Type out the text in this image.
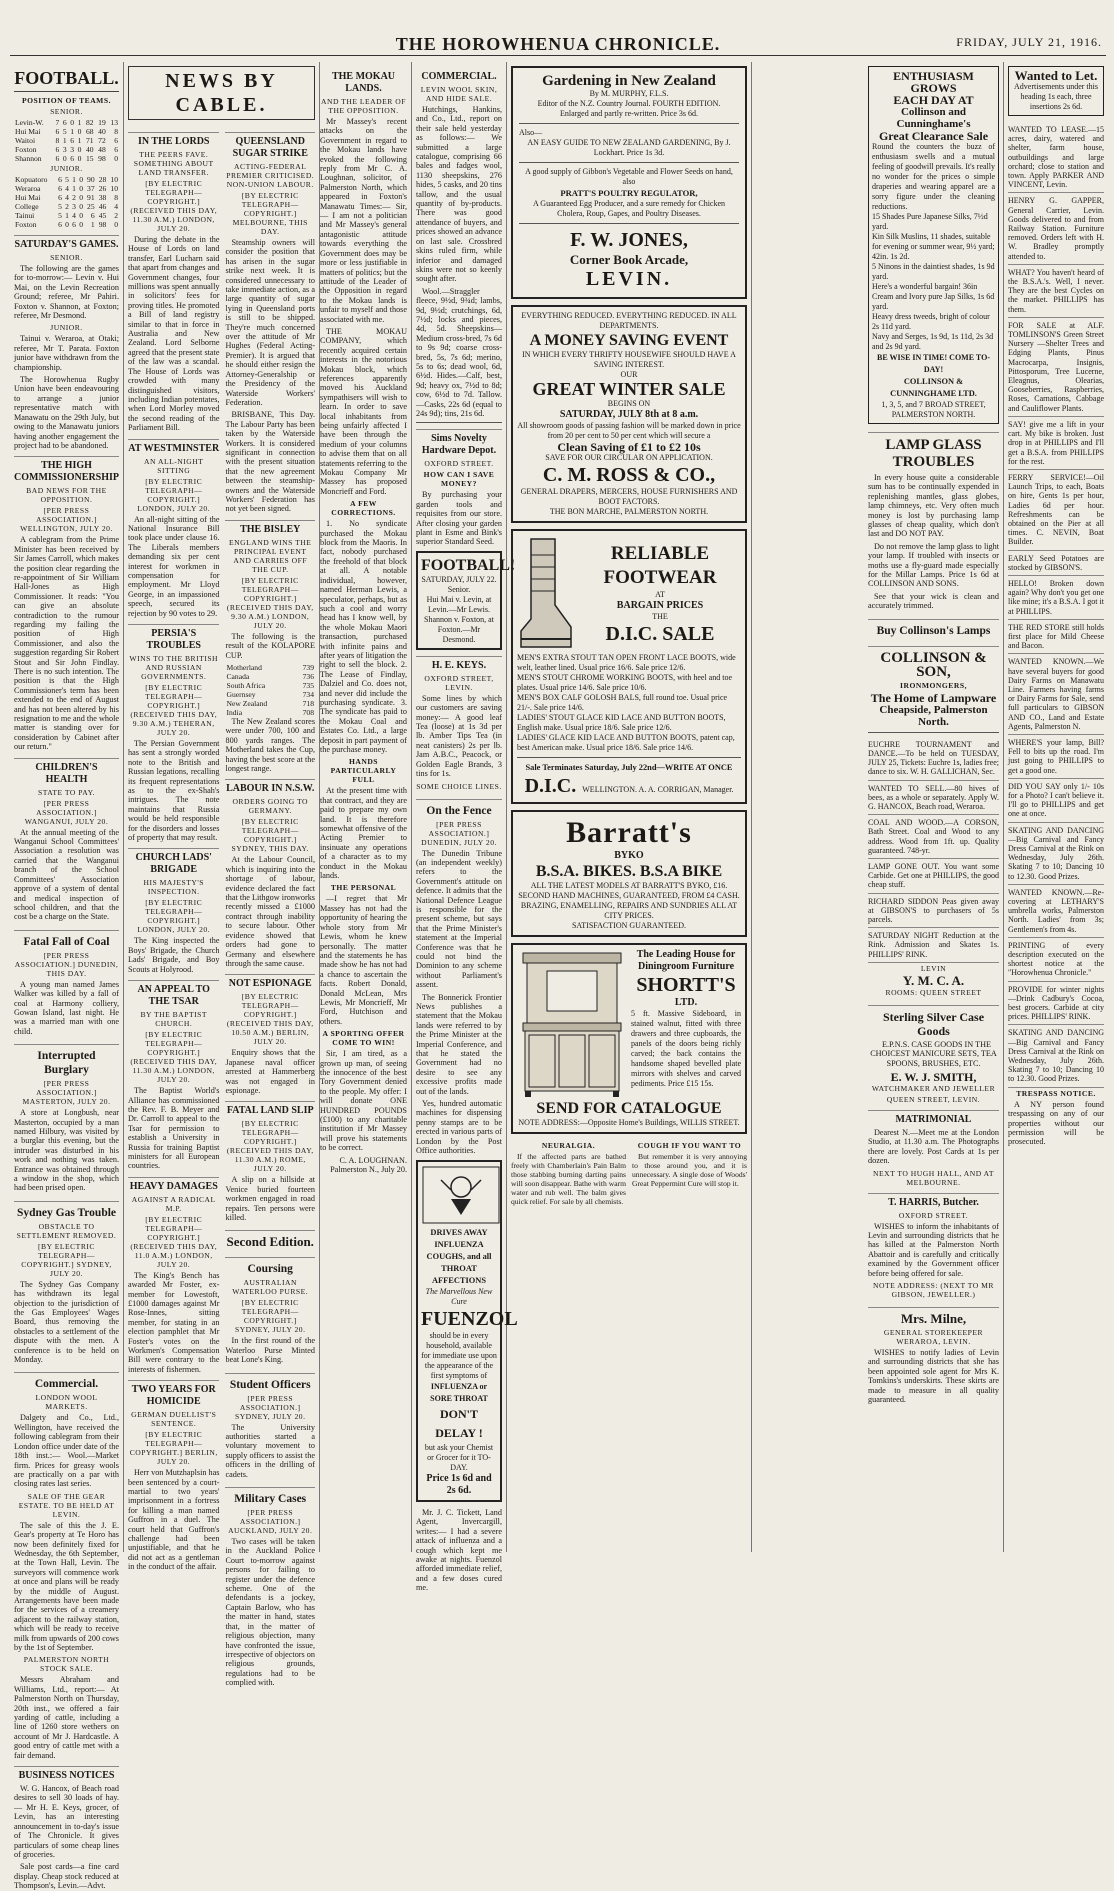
THE HOROWHENUA CHRONICLE.	FRIDAY, JULY 21, 1916.
FOOTBALL.
POSITION OF TEAMS.
SENIOR.
Levin-W.	7	6	0	1	82	19	13
Hui Mai	6	5	1	0	68	40	8
Waitoi	8	1	6	1	71	72	6
Foxton	6	3	3	0	40	48	6
Shannon	6	0	6	0	15	98	0
JUNIOR.
Kopuatoro	6	5	1	0	90	28	10
Weraroa	6	4	1	0	37	26	10
Hui Mai	6	4	2	0	91	38	8
College	5	2	3	0	25	46	4
Tainui	5	1	4	0	6	45	2
Foxton	6	0	6	0	1	98	0
SATURDAY'S GAMES.
SENIOR.

The following are the games for to-morrow:— Levin v. Hui Mai, on the Levin Recreation Ground; referee, Mr Pahiri. Foxton v. Shannon, at Foxton; referee, Mr Desmond.

JUNIOR.

Tainui v. Weraroa, at Otaki; referee, Mr T. Parata. Foxton junior have withdrawn from the championship.

The Horowhenua Rugby Union have been endeavouring to arrange a junior representative match with Manawatu on the 29th July, but owing to the Manawatu juniors having another engagement the project had to be abandoned.

THE HIGH COMMISSIONERSHIP
BAD NEWS FOR THE OPPOSITION.
[PER PRESS ASSOCIATION.] WELLINGTON, JULY 20.

A cablegram from the Prime Minister has been received by Sir James Carroll, which makes the position clear regarding the re-appointment of Sir William Hall-Jones as High Commissioner. It reads: "You can give an absolute contradiction to the rumour regarding my failing the position of High Commissioner, and also the suggestion regarding Sir Robert Stout and Sir John Findlay. There is no such intention. The position is that the High Commissioner's term has been extended to the end of August and has not been altered by his resignation to me and the whole matter is standing over for consideration by Cabinet after our return."

CHILDREN'S HEALTH
STATE TO PAY.
[PER PRESS ASSOCIATION.] WANGANUI, JULY 20.

At the annual meeting of the Wanganui School Committees' Association a resolution was carried that the Wanganui branch of the School Committees' Association approve of a system of dental and medical inspection of school children, and that the cost be a charge on the State.

Fatal Fall of Coal
[PER PRESS ASSOCIATION.] DUNEDIN, THIS DAY.

A young man named James Walker was killed by a fall of coal at Harmony colliery, Gowan Island, last night. He was a married man with one child.

Interrupted Burglary
[PER PRESS ASSOCIATION.] MASTERTON, JULY 20.

A store at Longbush, near Masterton, occupied by a man named Hilbury, was visited by a burglar this evening, but the intruder was disturbed in his work and nothing was taken. Entrance was obtained through a window in the shop, which had been prised open.

Sydney Gas Trouble
OBSTACLE TO SETTLEMENT REMOVED.
[BY ELECTRIC TELEGRAPH—COPYRIGHT.] SYDNEY, JULY 20.

The Sydney Gas Company has withdrawn its legal objection to the jurisdiction of the Gas Employees' Wages Board, thus removing the obstacles to a settlement of the dispute with the men. A conference is to be held on Monday.

Commercial.
LONDON WOOL MARKETS.

Dalgety and Co., Ltd., Wellington, have received the following cablegram from their London office under date of the 18th inst.:— Wool.—Market firm. Prices for greasy wools are practically on a par with closing rates last series.

SALE OF THE GEAR ESTATE. TO BE HELD AT LEVIN.

The sale of this the J. E. Gear's property at Te Horo has now been definitely fixed for Wednesday, the 6th September, at the Town Hall, Levin. The surveyors will commence work at once and plans will be ready by the middle of August. Arrangements have been made for the services of a creamery adjacent to the railway station, which will be ready to receive milk from upwards of 200 cows by the 1st of September.

PALMERSTON NORTH STOCK SALE.

Messrs Abraham and Williams, Ltd., report:— At Palmerston North on Thursday, 20th inst., we offered a fair yarding of cattle, including a line of 1260 store wethers on account of Mr J. Hardcastle. A good entry of cattle met with a fair demand.

BUSINESS NOTICES

W. G. Hancox, of Beach road desires to sell 30 loads of hay.— Mr H. E. Keys, grocer, of Levin, has an interesting announcement in to-day's issue of The Chronicle. It gives particulars of some cheap lines of groceries.

Sale post cards—a fine card display. Cheap stock reduced at Thompson's, Levin.—Advt.

NEWS BY CABLE.
IN THE LORDS
THE PEERS FAVE. SOMETHING ABOUT LAND TRANSFER.
[BY ELECTRIC TELEGRAPH—COPYRIGHT.] (RECEIVED THIS DAY, 11.30 A.M.) LONDON, JULY 20.

During the debate in the House of Lords on land transfer, Earl Lucharn said that apart from changes and Government changes, four millions was spent annually in solicitors' fees for proving titles. He promoted a Bill of land registry similar to that in force in Australia and New Zealand. Lord Selborne agreed that the present state of the law was a scandal. The House of Lords was crowded with many distinguished visitors, including Indian potentates, when Lord Morley moved the second reading of the Parliament Bill.

AT WESTMINSTER
AN ALL-NIGHT SITTING
[BY ELECTRIC TELEGRAPH—COPYRIGHT.] LONDON, JULY 20.

An all-night sitting of the National Insurance Bill took place under clause 16. The Liberals members demanding six per cent interest for workmen in compensation for employment. Mr Lloyd George, in an impassioned speech, secured its rejection by 90 votes to 29.

PERSIA'S TROUBLES
WINS TO THE BRITISH AND RUSSIAN GOVERNMENTS.
[BY ELECTRIC TELEGRAPH—COPYRIGHT.] (RECEIVED THIS DAY, 9.30 A.M.) TEHERAN, JULY 20.

The Persian Government has sent a strongly worded note to the British and Russian legations, recalling its frequent representations as to the ex-Shah's intrigues. The note maintains that Russia would be held responsible for the disorders and losses of property that may result.

CHURCH LADS' BRIGADE
HIS MAJESTY'S INSPECTION.
[BY ELECTRIC TELEGRAPH—COPYRIGHT.] LONDON, JULY 20.

The King inspected the Boys' Brigade, the Church Lads' Brigade, and Boy Scouts at Holyrood.

AN APPEAL TO THE TSAR
BY THE BAPTIST CHURCH.
[BY ELECTRIC TELEGRAPH—COPYRIGHT.] (RECEIVED THIS DAY, 11.30 A.M.) LONDON, JULY 20.

The Baptist World's Alliance has commissioned the Rev. F. B. Meyer and Dr. Carroll to appeal to the Tsar for permission to establish a University in Russia for training Baptist ministers for all European countries.

HEAVY DAMAGES
AGAINST A RADICAL M.P.
[BY ELECTRIC TELEGRAPH—COPYRIGHT.] (RECEIVED THIS DAY, 11.0 A.M.) LONDON, JULY 20.

The King's Bench has awarded Mr Foster, ex-member for Lowestoft, £1000 damages against Mr Rose-Innes, sitting member, for stating in an election pamphlet that Mr Foster's votes on the Workmen's Compensation Bill were contrary to the interests of fishermen.

TWO YEARS FOR HOMICIDE
GERMAN DUELLIST'S SENTENCE.
[BY ELECTRIC TELEGRAPH—COPYRIGHT.] BERLIN, JULY 20.

Herr von Mutzhaplsin has been sentenced by a court-martial to two years' imprisonment in a fortress for killing a man named Guffron in a duel. The court held that Guffron's challenge had been unjustifiable, and that he did not act as a gentleman in the conduct of the affair.

QUEENSLAND SUGAR STRIKE
ACTING-FEDERAL PREMIER CRITICISED. NON-UNION LABOUR.
[BY ELECTRIC TELEGRAPH—COPYRIGHT.] MELBOURNE, THIS DAY.

Steamship owners will consider the position that has arisen in the sugar strike next week. It is considered unnecessary to take immediate action, as a large quantity of sugar lying in Queensland ports is still to be shipped. They're much concerned over the attitude of Mr Hughes (Federal Acting-Premier). It is argued that he should either resign the Attorney-Generalship or the Presidency of the Waterside Workers' Federation.

BRISBANE, This Day. The Labour Party has been taken by the Waterside Workers. It is considered significant in connection with the present situation that the new agreement between the steamship-owners and the Waterside Workers' Federation has not yet been signed.

THE BISLEY
ENGLAND WINS THE PRINCIPAL EVENT AND CARRIES OFF THE CUP.
[BY ELECTRIC TELEGRAPH—COPYRIGHT.] (RECEIVED THIS DAY, 9.30 A.M.) LONDON, JULY 20.

The following is the result of the KOLAPORE CUP.

Motherland	739
Canada	736
South Africa	735
Guernsey	734
New Zealand	718
India	708

The New Zealand scores were under 700, 100 and 800 yards ranges. The Motherland takes the Cup, having the best score at the longest range.

LABOUR IN N.S.W.
ORDERS GOING TO GERMANY.
[BY ELECTRIC TELEGRAPH—COPYRIGHT.] SYDNEY, THIS DAY.

At the Labour Council, which is inquiring into the shortage of labour, evidence declared the fact that the Lithgow ironworks recently missed a £1000 contract through inability to secure labour. Other evidence showed that orders had gone to Germany and elsewhere through the same cause.

NOT ESPIONAGE
[BY ELECTRIC TELEGRAPH—COPYRIGHT.] (RECEIVED THIS DAY, 10.50 A.M.) BERLIN, JULY 20.

Enquiry shows that the Japanese naval officer arrested at Hammerberg was not engaged in espionage.

FATAL LAND SLIP
[BY ELECTRIC TELEGRAPH—COPYRIGHT.] (RECEIVED THIS DAY, 11.30 A.M.) ROME, JULY 20.

A slip on a hillside at Venice buried fourteen workmen engaged in road repairs. Ten persons were killed.

Second Edition.
Coursing
AUSTRALIAN WATERLOO PURSE.
[BY ELECTRIC TELEGRAPH—COPYRIGHT.] SYDNEY, JULY 20.

In the first round of the Waterloo Purse Minted beat Lone's King.

Student Officers
[PER PRESS ASSOCIATION.] SYDNEY, JULY 20.

The University authorities started a voluntary movement to supply officers to assist the officers in the drilling of cadets.

Military Cases
[PER PRESS ASSOCIATION.] AUCKLAND, JULY 20.

Two cases will be taken in the Auckland Police Court to-morrow against persons for failing to register under the defence scheme. One of the defendants is a jockey, Captain Barlow, who has the matter in hand, states that, in the matter of religious objection, many have confronted the issue, irrespective of objectors on religious grounds, regulations had to be complied with.

THE MOKAU LANDS.
AND THE LEADER OF THE OPPOSITION.

Mr Massey's recent attacks on the Government in regard to the Mokau lands have evoked the following reply from Mr C. A. Loughnan, solicitor, of Palmerston North, which appeared in Foxton's Manawatu Times:— Sir,— I am not a politician and Mr Massey's general antagonistic attitude towards everything the Government does may be more or less justifiable in matters of politics; but the attitude of the Leader of the Opposition in regard to the Mokau lands is unfair to myself and those associated with me.

THE MOKAU COMPANY, which recently acquired certain interests in the notorious Mokau block, which references apparently moved his Auckland sympathisers will wish to learn. In order to save local inhabitants from being unfairly affected I have been through the medium of your columns to advise them that on all statements referring to the Mokau Company Mr Massey has proposed Moncrieff and Ford.

A FEW CORRECTIONS.

1. No syndicate purchased the Mokau block from the Maoris. In fact, nobody purchased the freehold of that block at all. A notable individual, however, named Herman Lewis, a speculator, perhaps, but as such a cool and worry head has I know well, by the whole Mokau Maori transaction, purchased with infinite pains and after years of litigation the right to sell the block. 2. The Lease of Findlay, Dalziel and Co. does not, and never did include the purchasing syndicate. 3. The syndicate has paid to the Mokau Coal and Estates Co. Ltd., a large deposit in part payment of the purchase money.

HANDS PARTICULARLY FULL

At the present time with that contract, and they are paid to prepare my own land. It is therefore somewhat offensive of the Acting Premier to insinuate any operations of a character as to my conduct in the Mokau lands.

THE PERSONAL

—I regret that Mr Massey has not had the opportunity of hearing the whole story from Mr Lewis, whom he knew personally. The matter and the statements he has made show he has not had a chance to ascertain the facts. Robert Donald, Donald McLean, Mrs Lewis, Mr Moncrieff, Mr Ford, Hutchison and others.

A SPORTING OFFER COME TO WIN!

Sir, I am tired, as a grown up man, of seeing the innocence of the best Tory Government denied to the people. My offer: I will donate ONE HUNDRED POUNDS (£100) to any charitable institution if Mr Massey will prove his statements to be correct.

C. A. LOUGHNAN. Palmerston N., July 20.

COMMERCIAL.
LEVIN WOOL SKIN, AND HIDE SALE.

Hutchings, Hankins, and Co., Ltd., report on their sale held yesterday as follows:— We submitted a large catalogue, comprising 66 bales and fadges wool, 1130 sheepskins, 276 hides, 5 casks, and 20 tins tallow, and the usual quantity of by-products. There was good attendance of buyers, and prices showed an advance on last sale. Crossbred skins ruled firm, while inferior and damaged skins were not so keenly sought after.

Wool.—Straggler fleece, 9½d, 9¾d; lambs, 9d, 9½d; crutchings, 6d, 7½d; locks and pieces, 4d, 5d. Sheepskins—Medium cross-bred, 7s 6d to 9s 9d; coarse cross-bred, 5s, 7s 6d; merino, 5s to 6s; dead wool, 6d, 6½d. Hides.—Calf, best, 9d; heavy ox, 7½d to 8d; cow, 6½d to 7d. Tallow.—Casks, 22s 6d (equal to 24s 9d); tins, 21s 6d.

Sims Novelty Hardware Depot.
OXFORD STREET.
HOW CAN I SAVE MONEY?

By purchasing your garden tools and requisites from our store. After closing your garden plant in Esme and Bink's superior Standard Seed.

FOOTBALL!
SATURDAY, JULY 22.
Senior.
Hui Mai v. Levin, at Levin.—Mr Lewis. Shannon v. Foxton, at Foxton.—Mr Desmond.
H. E. KEYS.
OXFORD STREET, LEVIN.

Some lines by which our customers are saving money:— A good leaf Tea (loose) at 1s 3d per lb. Amber Tips Tea (in neat canisters) 2s per lb. Jam A.B.C., Peacock, or Golden Eagle Brands, 3 tins for 1s.

SOME CHOICE LINES.
On the Fence
[PER PRESS ASSOCIATION.] DUNEDIN, JULY 20.

The Dunedin Tribune (an independent weekly) refers to the Government's attitude on defence. It admits that the National Defence League is responsible for the present scheme, but says that the Prime Minister's statement at the Imperial Conference was that he could not bind the Dominion to any scheme without Parliament's assent.

The Bonnerick Frontier News publishes a statement that the Mokau lands were referred to by the Prime Minister at the Imperial Conference, and that he stated the Government had no desire to see any excessive profits made out of the lands.

Yes, hundred automatic machines for dispensing penny stamps are to be erected in various parts of London by the Post Office authorities.

DRIVES AWAY INFLUENZA COUGHS, and all THROAT AFFECTIONS
The Marvellous New Cure
FUENZOL
should be in every household, available for immediate use upon the appearance of the first symptoms of
INFLUENZA or SORE THROAT
DON'T DELAY !
but ask your Chemist or Grocer for it TO-DAY.
Price 1s 6d and 2s 6d.

Mr. J. C. Tickett, Land Agent, Invercargill, writes:— I had a severe attack of influenza and a cough which kept me awake at nights. Fuenzol afforded immediate relief, and a few doses cured me.

Gardening in New Zealand
By M. MURPHY, F.L.S.
Editor of the N.Z. Country Journal. FOURTH EDITION.
Enlarged and partly re-written. Price 3s 6d.
Also—
AN EASY GUIDE TO NEW ZEALAND GARDENING, By J. Lockhart. Price 1s 3d.
A good supply of Gibbon's Vegetable and Flower Seeds on hand, also
PRATT'S POULTRY REGULATOR,
A Guaranteed Egg Producer, and a sure remedy for Chicken Cholera, Roup, Gapes, and Poultry Diseases.
F. W. JONES,
Corner Book Arcade,
LEVIN.
EVERYTHING REDUCED. EVERYTHING REDUCED. IN ALL DEPARTMENTS.
A MONEY SAVING EVENT
IN WHICH EVERY THRIFTY HOUSEWIFE SHOULD HAVE A SAVING INTEREST.
OUR
GREAT WINTER SALE
BEGINS ON
SATURDAY, JULY 8th at 8 a.m.
All showroom goods of passing fashion will be marked down in price from 20 per cent to 50 per cent which will secure a
Clean Saving of £1 to £2 10s
SAVE FOR OUR CIRCULAR ON APPLICATION.
C. M. ROSS & CO.,
GENERAL DRAPERS, MERCERS, HOUSE FURNISHERS AND BOOT FACTORS.
THE BON MARCHE, PALMERSTON NORTH.
RELIABLE
FOOTWEAR
AT
BARGAIN PRICES
THE
D.I.C. SALE
MEN'S EXTRA STOUT TAN OPEN FRONT LACE BOOTS, wide welt, leather lined. Usual price 16/6. Sale price 12/6.
MEN'S STOUT CHROME WORKING BOOTS, with heel and toe plates. Usual price 14/6. Sale price 10/6.
MEN'S BOX CALF GOLOSH BALS, full round toe. Usual price 21/-. Sale price 14/6.
LADIES' STOUT GLACE KID LACE AND BUTTON BOOTS, English make. Usual price 18/6. Sale price 12/6.
LADIES' GLACE KID LACE AND BUTTON BOOTS, patent cap, best American make. Usual price 18/6. Sale price 14/6.
Sale Terminates Saturday, July 22nd—WRITE AT ONCE
D.I.C. WELLINGTON. A. A. CORRIGAN, Manager.
Barratt's
BYKO
B.S.A. BIKES. B.S.A BIKE
ALL THE LATEST MODELS AT BARRATT'S BYKO, £16. SECOND HAND MACHINES, GUARANTEED, FROM £4 CASH. BRAZING, ENAMELLING, REPAIRS AND SUNDRIES ALL AT CITY PRICES.
SATISFACTION GUARANTEED.
The Leading House for Diningroom Furniture
SHORTT'S
LTD.
5 ft. Massive Sideboard, in stained walnut, fitted with three drawers and three cupboards, the panels of the doors being richly carved; the back contains the handsome shaped bevelled plate mirrors with shelves and carved pediments. Price £15 15s.
SEND FOR CATALOGUE
NOTE ADDRESS:—Opposite Home's Buildings, WILLIS STREET.
NEURALGIA.

If the affected parts are bathed freely with Chamberlain's Pain Balm those stabbing burning darting pains will soon disappear. Bathe with warm water and rub well. The balm gives quick relief. For sale by all chemists.

COUGH IF YOU WANT TO

But remember it is very annoying to those around you, and it is unnecessary. A single dose of Woods' Great Peppermint Cure will stop it.

ENTHUSIASM GROWS
EACH DAY AT
Collinson and Cunninghame's
Great Clearance Sale
Round the counters the buzz of enthusiasm swells and a mutual feeling of goodwill prevails. It's really no wonder for the prices o simple draperies and wearing apparel are a sorry figure under the cleaning reductions.
15 Shades Pure Japanese Silks, 7½d yard.
Kin Silk Muslins, 11 shades, suitable for evening or summer wear, 9½ yard; 42in. 1s 2d.
5 Ninons in the daintiest shades, 1s 9d yard.
Here's a wonderful bargain! 36in Cream and Ivory pure Jap Silks, 1s 6d yard.
Heavy dress tweeds, bright of colour 2s 11d yard.
Navy and Serges, 1s 9d, 1s 11d, 2s 3d and 2s 9d yard.
BE WISE IN TIME! COME TO-DAY!
COLLINSON & CUNNINGHAME LTD.
1, 3, 5, and 7 BROAD STREET, PALMERSTON NORTH.
LAMP GLASS TROUBLES

In every house quite a considerable sum has to be continually expended in replenishing mantles, glass globes, lamp chimneys, etc. Very often much money is lost by purchasing lamp glasses of cheap quality, which don't last and DO NOT PAY.

Do not remove the lamp glass to light your lamp. If troubled with insects or moths use a fly-guard made especially for the Millar Lamps. Price 1s 6d at COLLINSON AND SONS.

See that your wick is clean and accurately trimmed.

Buy Collinson's Lamps
COLLINSON & SON,
IRONMONGERS,
The Home of Lampware
Cheapside, Palmerston North.
EUCHRE TOURNAMENT and DANCE.—To be held on TUESDAY, JULY 25, Tickets: Euchre 1s, ladies free; dance to six. W. H. GALLICHAN, Sec.
WANTED TO SELL.—80 hives of bees, as a whole or separately. Apply W. G. HANCOX, Beach road, Weraroa.
COAL AND WOOD.—A CORSON, Bath Street. Coal and Wood to any address. Wood from 1ft. up. Quality guaranteed. 748-yr.
LAMP GONE OUT. You want some Carbide. Get one at PHILLIPS, the good cheap stuff.
RICHARD SIDDON Peas given away at GIBSON'S to purchasers of 5s parcels.
SATURDAY NIGHT Reduction at the Rink. Admission and Skates 1s. PHILLIPS' RINK.
LEVIN
Y. M. C. A.
ROOMS: QUEEN STREET
Sterling Silver Case Goods

E.P.N.S. CASE GOODS IN THE CHOICEST MANICURE SETS, TEA SPOONS, BRUSHES, ETC.

E. W. J. SMITH,
WATCHMAKER AND JEWELLER
QUEEN STREET, LEVIN.
MATRIMONIAL

Dearest N.—Meet me at the London Studio, at 11.30 a.m. The Photographs there are lovely. Post Cards at 1s per dozen.

NEXT TO HUGH HALL, AND AT MELBOURNE.
T. HARRIS, Butcher.
OXFORD STREET.

WISHES to inform the inhabitants of Levin and surrounding districts that he has killed at the Palmerston North Abattoir and is carefully and critically examined by the Government officer before being offered for sale.

NOTE ADDRESS: (NEXT TO MR GIBSON, JEWELLER.)
Mrs. Milne,
GENERAL STOREKEEPER WERAROA, LEVIN.

WISHES to notify ladies of Levin and surrounding districts that she has been appointed sole agent for Mrs K. Tomkins's underskirts. These skirts are made to measure in all quality guaranteed.

Wanted to Let.
Advertisements under this heading 1s each, three insertions 2s 6d.
WANTED TO LEASE.—15 acres, dairy, watered and shelter, farm house, outbuildings and large orchard; close to station and town. Apply PARKER AND VINCENT, Levin.
HENRY G. GAPPER, General Carrier, Levin. Goods delivered to and from Railway Station. Furniture removed. Orders left with H. W. Bradley promptly attended to.
WHAT? You haven't heard of the B.S.A.'s. Well, I never. They are the best Cycles on the market. PHILLIPS has them.
FOR SALE at ALF. TOMLINSON'S Green Street Nursery —Shelter Trees and Edging Plants, Pinus Macrocarpa, Insignis, Pittosporum, Tree Lucerne, Eleagnus, Olearias, Gooseberries, Raspberries, Roses, Carnations, Cabbage and Cauliflower Plants.
SAY! give me a lift in your cart. My bike is broken. Just drop in at PHILLIPS and I'll get a B.S.A. from PHILLIPS for the rest.
FERRY SERVICE!—Oil Launch Trips, to each, Boats on hire, Gents 1s per hour, Ladies 6d per hour. Refreshments can be obtained on the Pier at all times. C. NEVIN, Boat Builder.
EARLY Seed Potatoes are stocked by GIBSON'S.
HELLO! Broken down again? Why don't you get one like mine; it's a B.S.A. I got it at PHILLIPS.
THE RED STORE still holds first place for Mild Cheese and Bacon.
WANTED KNOWN.—We have several buyers for good Dairy Farms on Manawatu Line. Farmers having farms or Dairy Farms for Sale, send full particulars to GIBSON AND CO., Land and Estate Agents, Palmerston N.
WHERE'S your lamp, Bill? Fell to bits up the road. I'm just going to PHILLIPS to get a good one.
DID YOU SAY only 1/- 10s for a Photo? I can't believe it. I'll go to PHILLIPS and get one at once.
SKATING AND DANCING—Big Carnival and Fancy Dress Carnival at the Rink on Wednesday, July 26th. Skating 7 to 10; Dancing 10 to 12.30. Good Prizes.
WANTED KNOWN.—Re-covering at LETHARY'S umbrella works, Palmerston North. Ladies' from 3s; Gentlemen's from 4s.
PRINTING of every description executed on the shortest notice at the "Horowhenua Chronicle."
PROVIDE for winter nights—Drink Cadbury's Cocoa, best grocers. Carbide at city prices. PHILLIPS' RINK.
SKATING AND DANCING—Big Carnival and Fancy Dress Carnival at the Rink on Wednesday, July 26th. Skating 7 to 10; Dancing 10 to 12.30. Good Prizes.
TRESPASS NOTICE.

A NY person found trespassing on any of our properties without our permission will be prosecuted.
